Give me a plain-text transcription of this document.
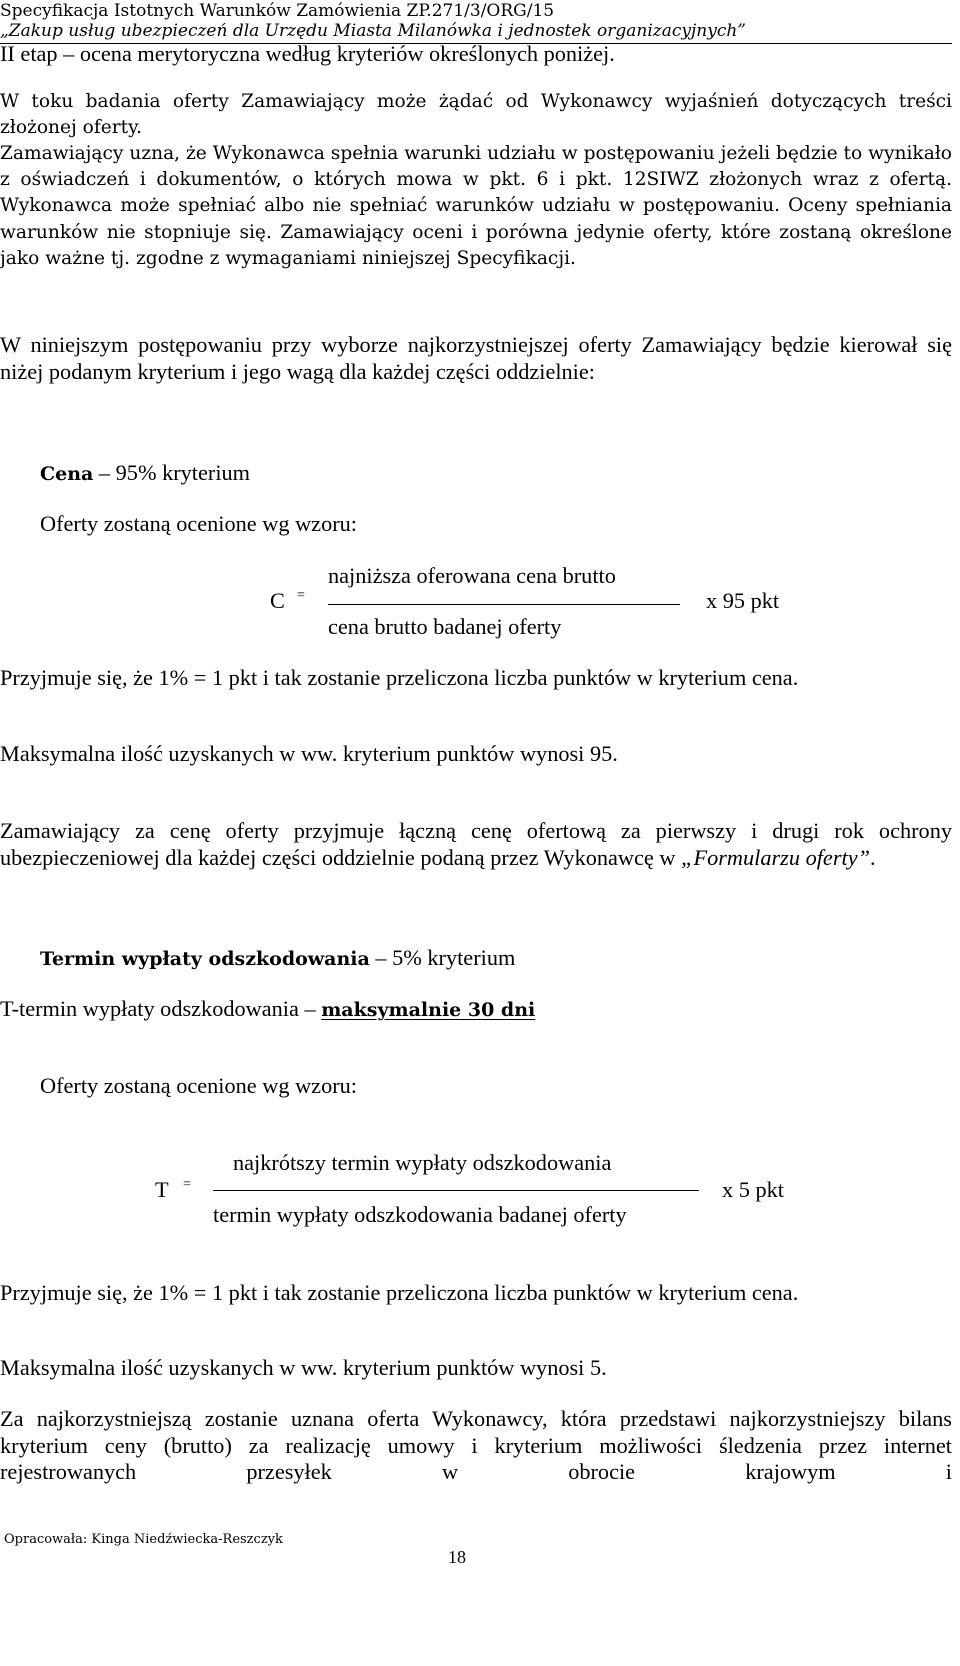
Specyfikacja Istotnych Warunków Zamówienia ZP.271/3/ORG/15
„Zakup usług ubezpieczeń dla Urzędu Miasta Milanówka i jednostek organizacyjnych”
II etap – ocena merytoryczna według kryteriów określonych poniżej.
W toku badania oferty Zamawiający może żądać od Wykonawcy wyjaśnień dotyczących treści złożonej oferty.
Zamawiający uzna, że Wykonawca spełnia warunki udziału w postępowaniu jeżeli będzie to wynikało z oświadczeń i dokumentów, o których mowa w pkt. 6 i pkt. 12SIWZ złożonych wraz z ofertą. Wykonawca może spełniać albo nie spełniać warunków udziału w postępowaniu. Oceny spełniania warunków nie stopniuje się. Zamawiający oceni i porówna jedynie oferty, które zostaną określone jako ważne tj. zgodne z wymaganiami niniejszej Specyfikacji.
W niniejszym postępowaniu przy wyborze najkorzystniejszej oferty Zamawiający będzie kierował się niżej podanym kryterium i jego wagą dla każdej części oddzielnie:
Cena – 95% kryterium
Oferty zostaną ocenione wg wzoru:
najniższa oferowana cena brutto
C =	x 95 pkt
cena brutto badanej oferty
Przyjmuje się, że 1% = 1 pkt i tak zostanie przeliczona liczba punktów w kryterium cena.
Maksymalna ilość uzyskanych w ww. kryterium punktów wynosi 95.
Zamawiający za cenę oferty przyjmuje łączną cenę ofertową za pierwszy i drugi rok ochrony ubezpieczeniowej dla każdej części oddzielnie podaną przez Wykonawcę w „Formularzu oferty”.
Termin wypłaty odszkodowania – 5% kryterium
T-termin wypłaty odszkodowania – maksymalnie 30 dni
Oferty zostaną ocenione wg wzoru:
najkrótszy termin wypłaty odszkodowania
T =	x 5 pkt
termin wypłaty odszkodowania badanej oferty
Przyjmuje się, że 1% = 1 pkt i tak zostanie przeliczona liczba punktów w kryterium cena.
Maksymalna ilość uzyskanych w ww. kryterium punktów wynosi 5.
Za najkorzystniejszą zostanie uznana oferta Wykonawcy, która przedstawi najkorzystniejszy bilans kryterium ceny (brutto) za realizację umowy i kryterium możliwości śledzenia przez internet rejestrowanych przesyłek w obrocie krajowym i
Opracowała: Kinga Niedźwiecka-Reszczyk
18
